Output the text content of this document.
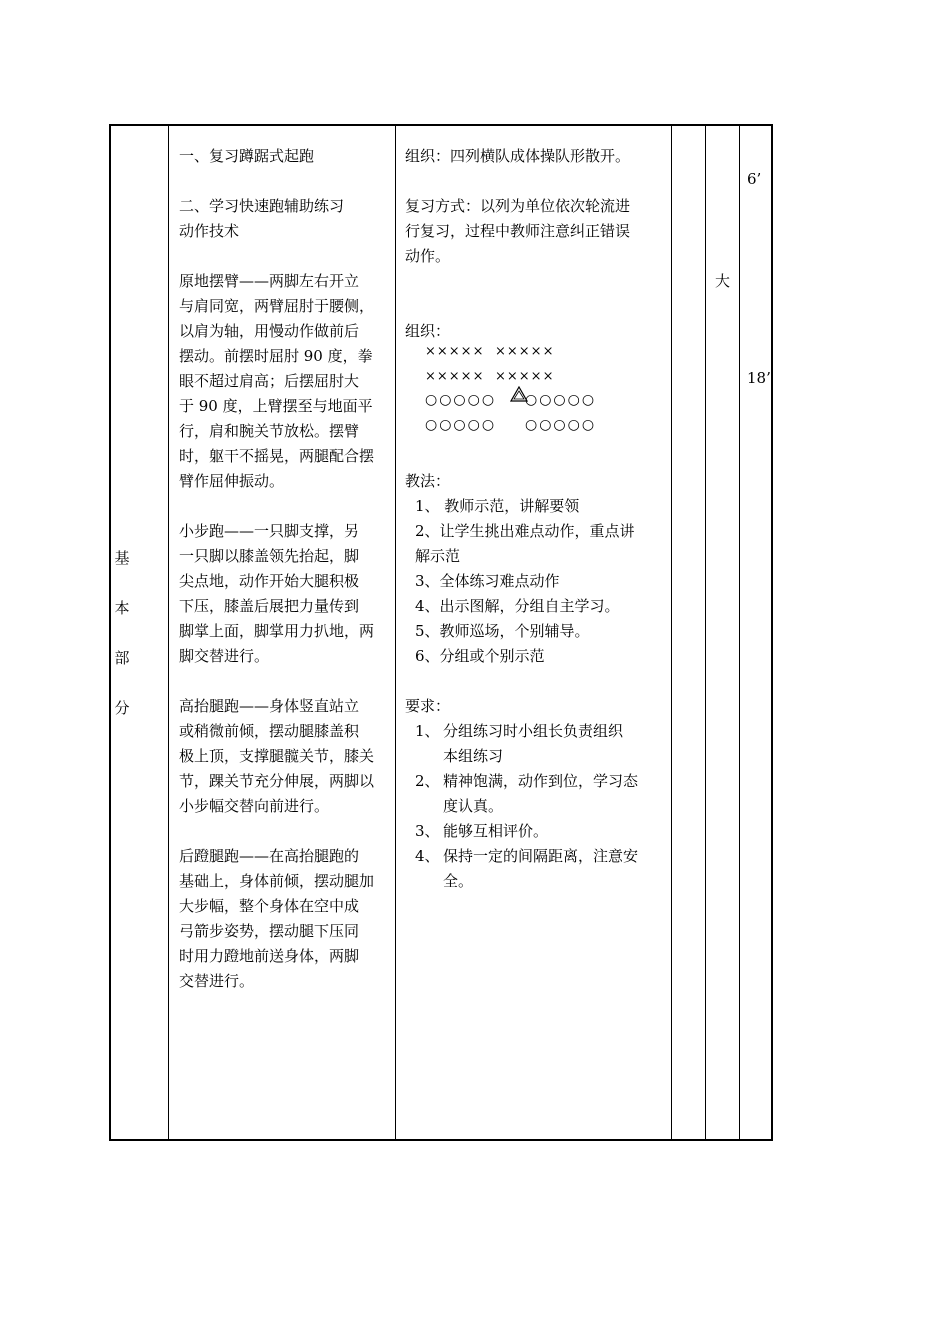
基
本
部
分
一、复习蹲踞式起跑
二、学习快速跑辅助练习
动作技术
原地摆臂——两脚左右开立
与肩同宽，两臂屈肘于腰侧，
以肩为轴，用慢动作做前后
摆动。前摆时屈肘 90 度，拳
眼不超过肩高；后摆屈肘大
于 90 度，上臂摆至与地面平
行，肩和腕关节放松。摆臂
时，躯干不摇晃，两腿配合摆
臂作屈伸振动。
小步跑——一只脚支撑，另
一只脚以膝盖领先抬起，脚
尖点地，动作开始大腿积极
下压，膝盖后展把力量传到
脚掌上面，脚掌用力扒地，两
脚交替进行。
高抬腿跑——身体竖直站立
或稍微前倾，摆动腿膝盖积
极上顶，支撑腿髋关节，膝关
节，踝关节充分伸展，两脚以
小步幅交替向前进行。
后蹬腿跑——在高抬腿跑的
基础上，身体前倾，摆动腿加
大步幅，整个身体在空中成
弓箭步姿势，摆动腿下压同
时用力蹬地前送身体，两脚
交替进行。
组织：四列横队成体操队形散开。
复习方式：以列为单位依次轮流进
行复习，过程中教师注意纠正错误
动作。
组织：
××××× ×××××
××××× ×××××
○○○○○ ○○○○○
○○○○○ ○○○○○
教法：
1、 教师示范，讲解要领
2、让学生挑出难点动作，重点讲
解示范
3、全体练习难点动作
4、出示图解，分组自主学习。
5、教师巡场，个别辅导。
6、分组或个别示范
要求：
1、 分组练习时小组长负责组织
本组练习
2、 精神饱满，动作到位，学习态
度认真。
3、 能够互相评价。
4、 保持一定的间隔距离，注意安
全。
大
6’
18’
